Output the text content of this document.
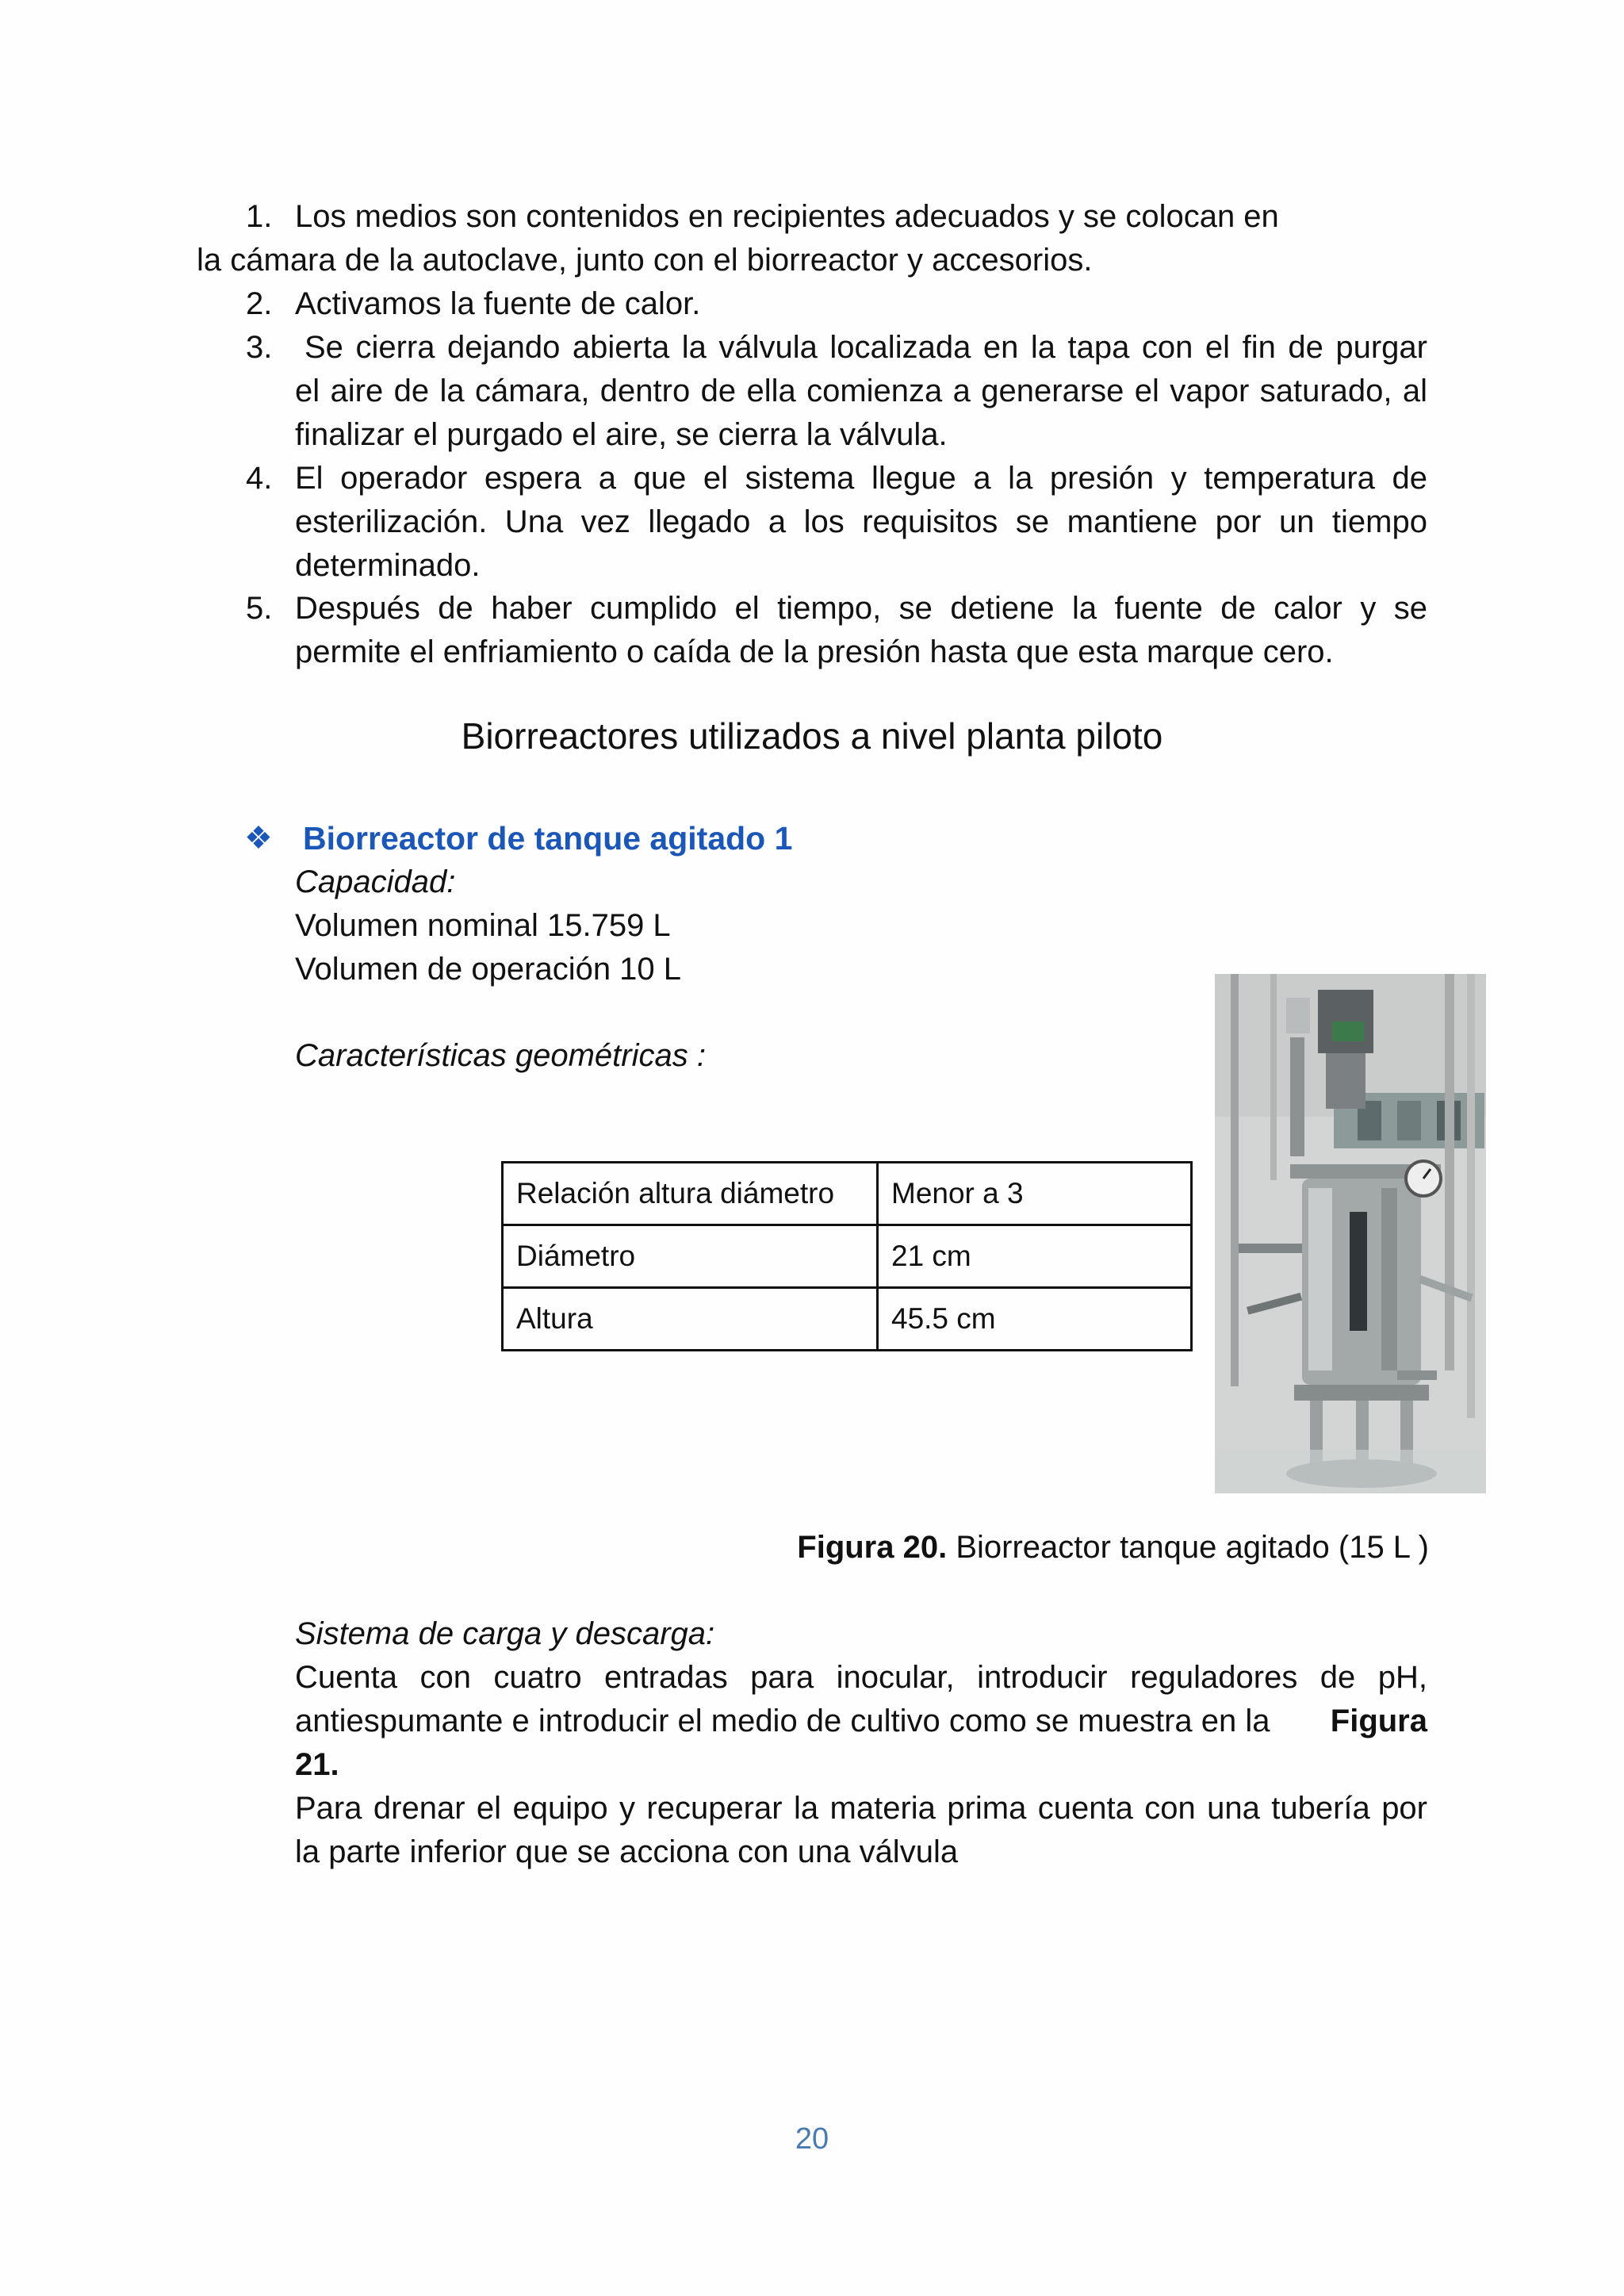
1. Los medios son contenidos en recipientes adecuados y se colocan en
la cámara de la autoclave, junto con el biorreactor y accesorios.
2. Activamos la fuente de calor.
3. Se cierra dejando abierta la válvula localizada en la tapa con el fin de purgar
el aire de la cámara, dentro de ella comienza a generarse el vapor saturado, al
finalizar el purgado el aire, se cierra la válvula.
4. El operador espera a que el sistema llegue a la presión y temperatura de
esterilización. Una vez llegado a los requisitos se mantiene por un tiempo
determinado.
5. Después de haber cumplido el tiempo, se detiene la fuente de calor y se
permite el enfriamiento o caída de la presión hasta que esta marque cero.
Biorreactores utilizados a nivel planta piloto
❖ Biorreactor de tanque agitado 1
Capacidad:
Volumen nominal 15.759 L
Volumen de operación 10 L
Características geométricas :
Relación altura diámetro	Menor a 3
Diámetro	21 cm
Altura	45.5 cm
Figura 20. Biorreactor tanque agitado (15 L )
Sistema de carga y descarga:
Cuenta con cuatro entradas para inocular, introducir reguladores de pH,
antiespumante e introducir el medio de cultivo como se muestra en la Figura
21.
Para drenar el equipo y recuperar la materia prima cuenta con una tubería por
la parte inferior que se acciona con una válvula
20
